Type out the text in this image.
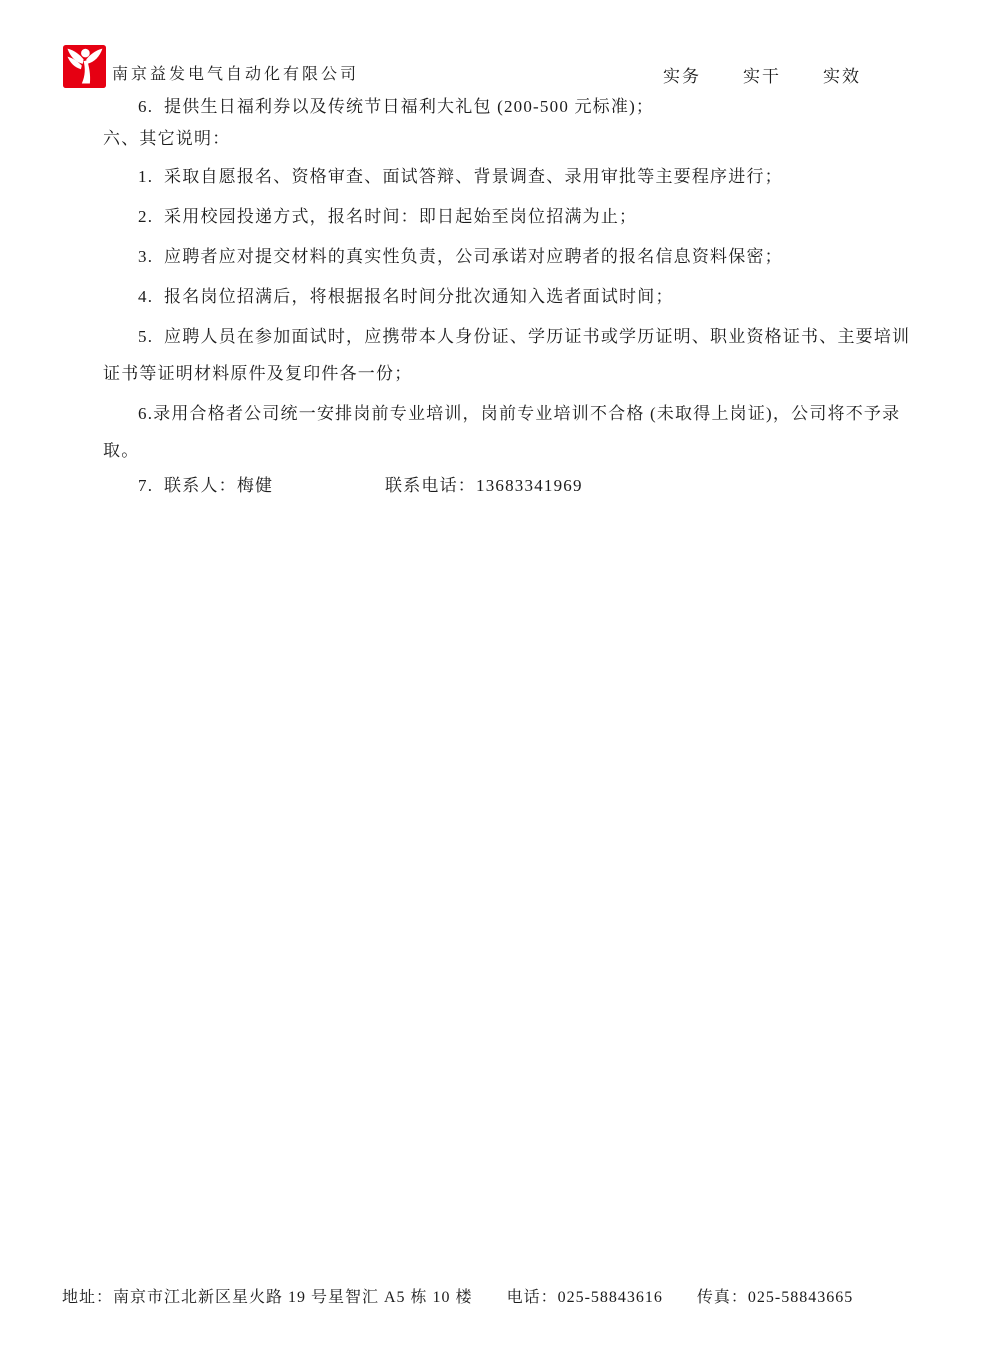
南京益发电气自动化有限公司	实务 实干 实效
6.  提供生日福利券以及传统节日福利大礼包 (200-500 元标准)；
六、其它说明：
1.  采取自愿报名、资格审查、面试答辩、背景调查、录用审批等主要程序进行；
2.  采用校园投递方式，报名时间：即日起始至岗位招满为止；
3.  应聘者应对提交材料的真实性负责，公司承诺对应聘者的报名信息资料保密；
4.  报名岗位招满后，将根据报名时间分批次通知入选者面试时间；
5.  应聘人员在参加面试时，应携带本人身份证、学历证书或学历证明、职业资格证书、主要培训
证书等证明材料原件及复印件各一份；
6.录用合格者公司统一安排岗前专业培训，岗前专业培训不合格 (未取得上岗证)，公司将不予录
取。

7.  联系人：梅健

	联系电话：13683341969

地址：南京市江北新区星火路 19 号星智汇 A5 栋 10 楼 电话：025-58843616 传真：025-58843665
